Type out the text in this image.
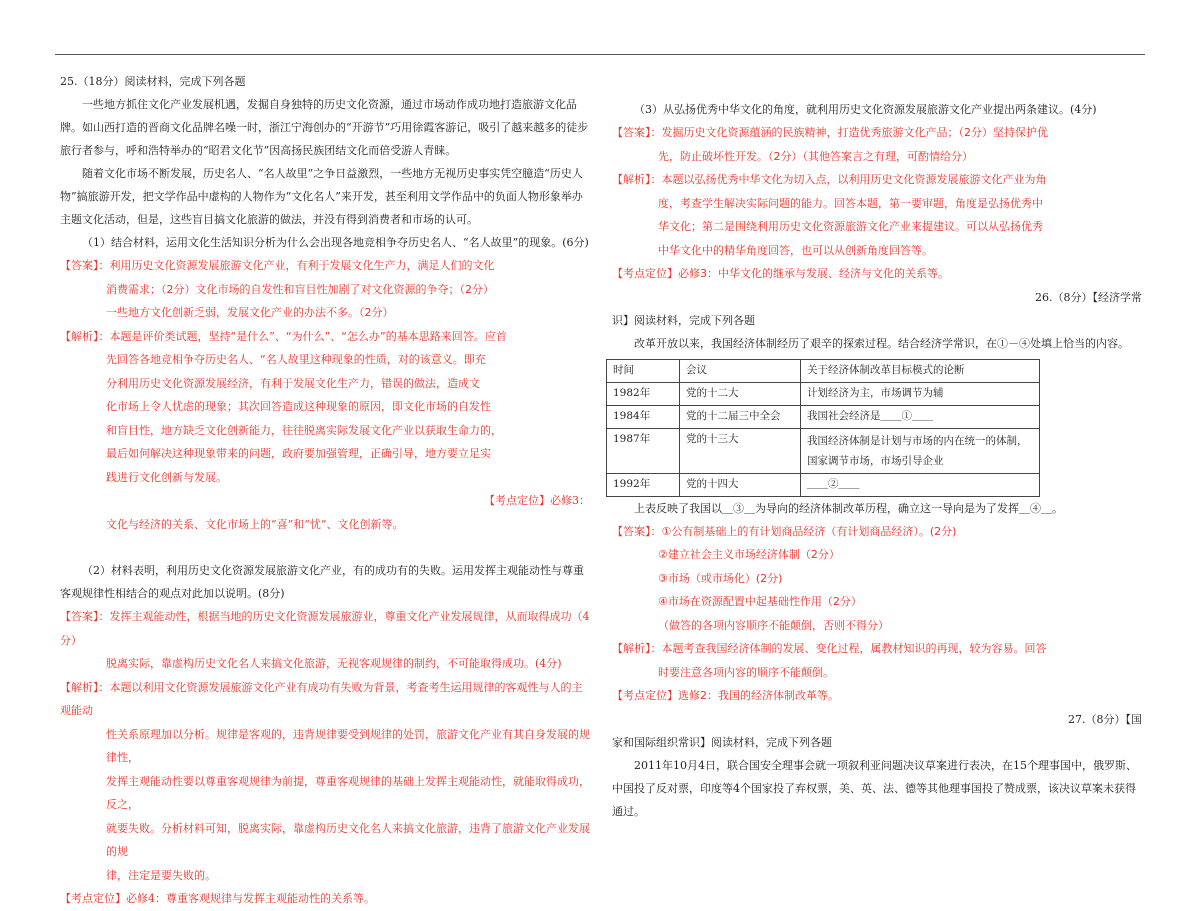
25.（18分）阅读材料，完成下列各题

一些地方抓住文化产业发展机遇，发掘自身独特的历史文化资源，通过市场动作成功地打造旅游文化品牌。如山西打造的晋商文化品牌名噪一时，浙江宁海创办的“开游节”巧用徐霞客游记，吸引了越来越多的徒步旅行者参与，呼和浩特举办的“昭君文化节”因高扬民族团结文化而倍受游人青睐。

随着文化市场不断发展，历史名人、“名人故里”之争日益激烈，一些地方无视历史事实凭空臆造“历史人物”搞旅游开发，把文学作品中虚构的人物作为“文化名人”来开发，甚至利用文学作品中的负面人物形象举办主题文化活动，但是，这些盲目搞文化旅游的做法，并没有得到消费者和市场的认可。

（1）结合材料，运用文化生活知识分析为什么会出现各地竞相争夺历史名人、“名人故里”的现象。(6分)

【答案】：利用历史文化资源发展旅游文化产业，有利于发展文化生产力，满足人们的文化

消费需求；（2分）文化市场的自发性和盲目性加剧了对文化资源的争夺；（2分）

一些地方文化创新乏弱，发展文化产业的办法不多。（2分）

【解析】：本题是评价类试题，坚持“是什么”、“为什么”、“怎么办”的基本思路来回答。应首

先回答各地竞相争夺历史名人、“名人故里这种现象的性质，对的该意义。即充

分利用历史文化资源发展经济，有利于发展文化生产力，错误的做法，造成文

化市场上令人忧虑的现象；其次回答造成这种现象的原因，即文化市场的自发性

和盲目性，地方缺乏文化创新能力，往往脱离实际发展文化产业以获取生命力的，

最后如何解决这种现象带来的问题，政府要加强管理，正确引导，地方要立足实

践进行文化创新与发展。

【考点定位】必修3：

文化与经济的关系、文化市场上的“喜”和“忧”、文化创新等。

（2）材料表明，利用历史文化资源发展旅游文化产业，有的成功有的失败。运用发挥主观能动性与尊重客观规律性相结合的观点对此加以说明。(8分)

【答案】：发挥主观能动性，根据当地的历史文化资源发展旅游业，尊重文化产业发展规律，从而取得成功（4分）

脱离实际，靠虚构历史文化名人来搞文化旅游，无视客观规律的制约，不可能取得成功。(4分)

【解析】：本题以利用文化资源发展旅游文化产业有成功有失败为背景，考查考生运用规律的客观性与人的主观能动

性关系原理加以分析。规律是客观的，违背规律要受到规律的处罚，旅游文化产业有其自身发展的规律性，

发挥主观能动性要以尊重客观规律为前提，尊重客观规律的基础上发挥主观能动性，就能取得成功，反之，

就要失败。分析材料可知，脱离实际，靠虚构历史文化名人来搞文化旅游，违背了旅游文化产业发展的规

律，注定是要失败的。

【考点定位】必修4：尊重客观规律与发挥主观能动性的关系等。

（3）从弘扬优秀中华文化的角度，就利用历史文化资源发展旅游文化产业提出两条建议。(4分)

【答案】：发掘历史文化资源蕴涵的民族精神，打造优秀旅游文化产品；（2分）坚持保护优

先，防止破坏性开发。（2分）（其他答案言之有理，可酌情给分）

【解析】：本题以弘扬优秀中华文化为切入点，以利用历史文化资源发展旅游文化产业为角

度，考查学生解决实际问题的能力。回答本题，第一要审题，角度是弘扬优秀中

华文化；第二是围绕利用历史文化资源旅游文化产业来提建议。可以从弘扬优秀

中华文化中的精华角度回答，也可以从创新角度回答等。

【考点定位】必修3：中华文化的继承与发展、经济与文化的关系等。

26.（8分）【经济学常

识】阅读材料，完成下列各题

改革开放以来，我国经济体制经历了艰辛的探索过程。结合经济学常识，在①－④处填上恰当的内容。

时间	会议	关于经济体制改革目标模式的论断
1982年	党的十二大	计划经济为主，市场调节为辅
1984年	党的十二届三中全会	我国社会经济是＿＿①＿＿
1987年	党的十三大	我国经济体制是计划与市场的内在统一的体制，国家调节市场，市场引导企业
1992年	党的十四大	＿＿②＿＿

上表反映了我国以＿③＿为导向的经济体制改革历程，确立这一导向是为了发挥＿④＿。

【答案】：①公有制基础上的有计划商品经济（有计划商品经济）。(2分)

②建立社会主义市场经济体制（2分）

③市场（或市场化）(2分)

④市场在资源配置中起基础性作用（2分）

（做答的各项内容顺序不能颠倒，否则不得分）

【解析】：本题考查我国经济体制的发展、变化过程，属教材知识的再现，较为容易。回答

时要注意各项内容的顺序不能颠倒。

【考点定位】选修2：我国的经济体制改革等。

27.（8分）【国

家和国际组织常识】阅读材料，完成下列各题

2011年10月4日，联合国安全理事会就一项叙利亚问题决议草案进行表决，在15个理事国中，俄罗斯、中国投了反对票，印度等4个国家投了弃权票，美、英、法、德等其他理事国投了赞成票，该决议草案未获得通过。
